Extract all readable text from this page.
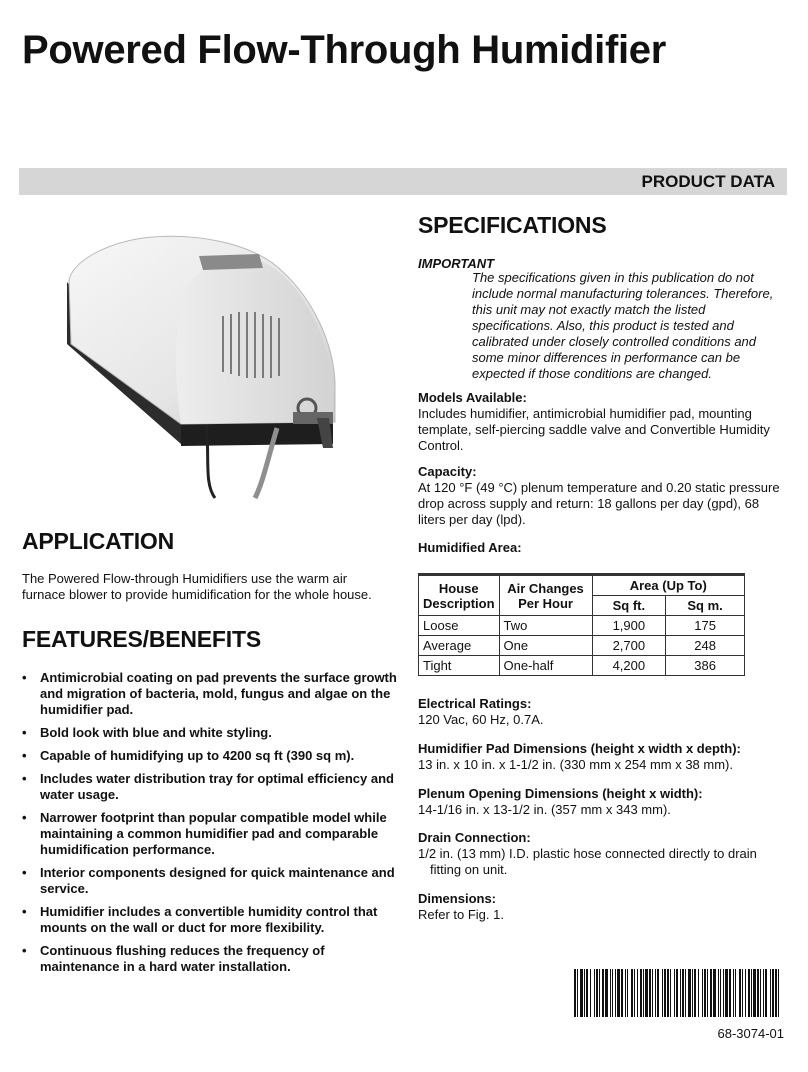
Powered Flow-Through Humidifier
PRODUCT DATA
SPECIFICATIONS
IMPORTANT
The specifications given in this publication do not include normal manufacturing tolerances. Therefore, this unit may not exactly match the listed specifications. Also, this product is tested and calibrated under closely controlled conditions and some minor differences in performance can be expected if those conditions are changed.
Models Available:
Includes humidifier, antimicrobial humidifier pad, mounting template, self-piercing saddle valve and Convertible Humidity Control.
Capacity:
At 120 °F (49 °C) plenum temperature and 0.20 static pressure drop across supply and return: 18 gallons per day (gpd), 68 liters per day (lpd).
Humidified Area:
House Description	Air Changes Per Hour	Area (Up To)	
		Sq ft.	Sq m.
Loose	Two	1,900	175
Average	One	2,700	248
Tight	One-half	4,200	386
Electrical Ratings:
120 Vac, 60 Hz, 0.7A.
Humidifier Pad Dimensions (height x width x depth):
13 in. x 10 in. x 1-1/2 in. (330 mm x 254 mm x 38 mm).
Plenum Opening Dimensions (height x width):
14-1/16 in. x 13-1/2 in. (357 mm x 343 mm).
Drain Connection:
1/2 in. (13 mm) I.D. plastic hose connected directly to drain fitting on unit.
Dimensions:
Refer to Fig. 1.
APPLICATION
The Powered Flow-through Humidifiers use the warm air furnace blower to provide humidification for the whole house.
FEATURES/BENEFITS
• Antimicrobial coating on pad prevents the surface growth and migration of bacteria, mold, fungus and algae on the humidifier pad.
• Bold look with blue and white styling.
• Capable of humidifying up to 4200 sq ft (390 sq m).
• Includes water distribution tray for optimal efficiency and water usage.
• Narrower footprint than popular compatible model while maintaining a common humidifier pad and comparable humidification performance.
• Interior components designed for quick maintenance and service.
• Humidifier includes a convertible humidity control that mounts on the wall or duct for more flexibility.
• Continuous flushing reduces the frequency of maintenance in a hard water installation.
68-3074-01
